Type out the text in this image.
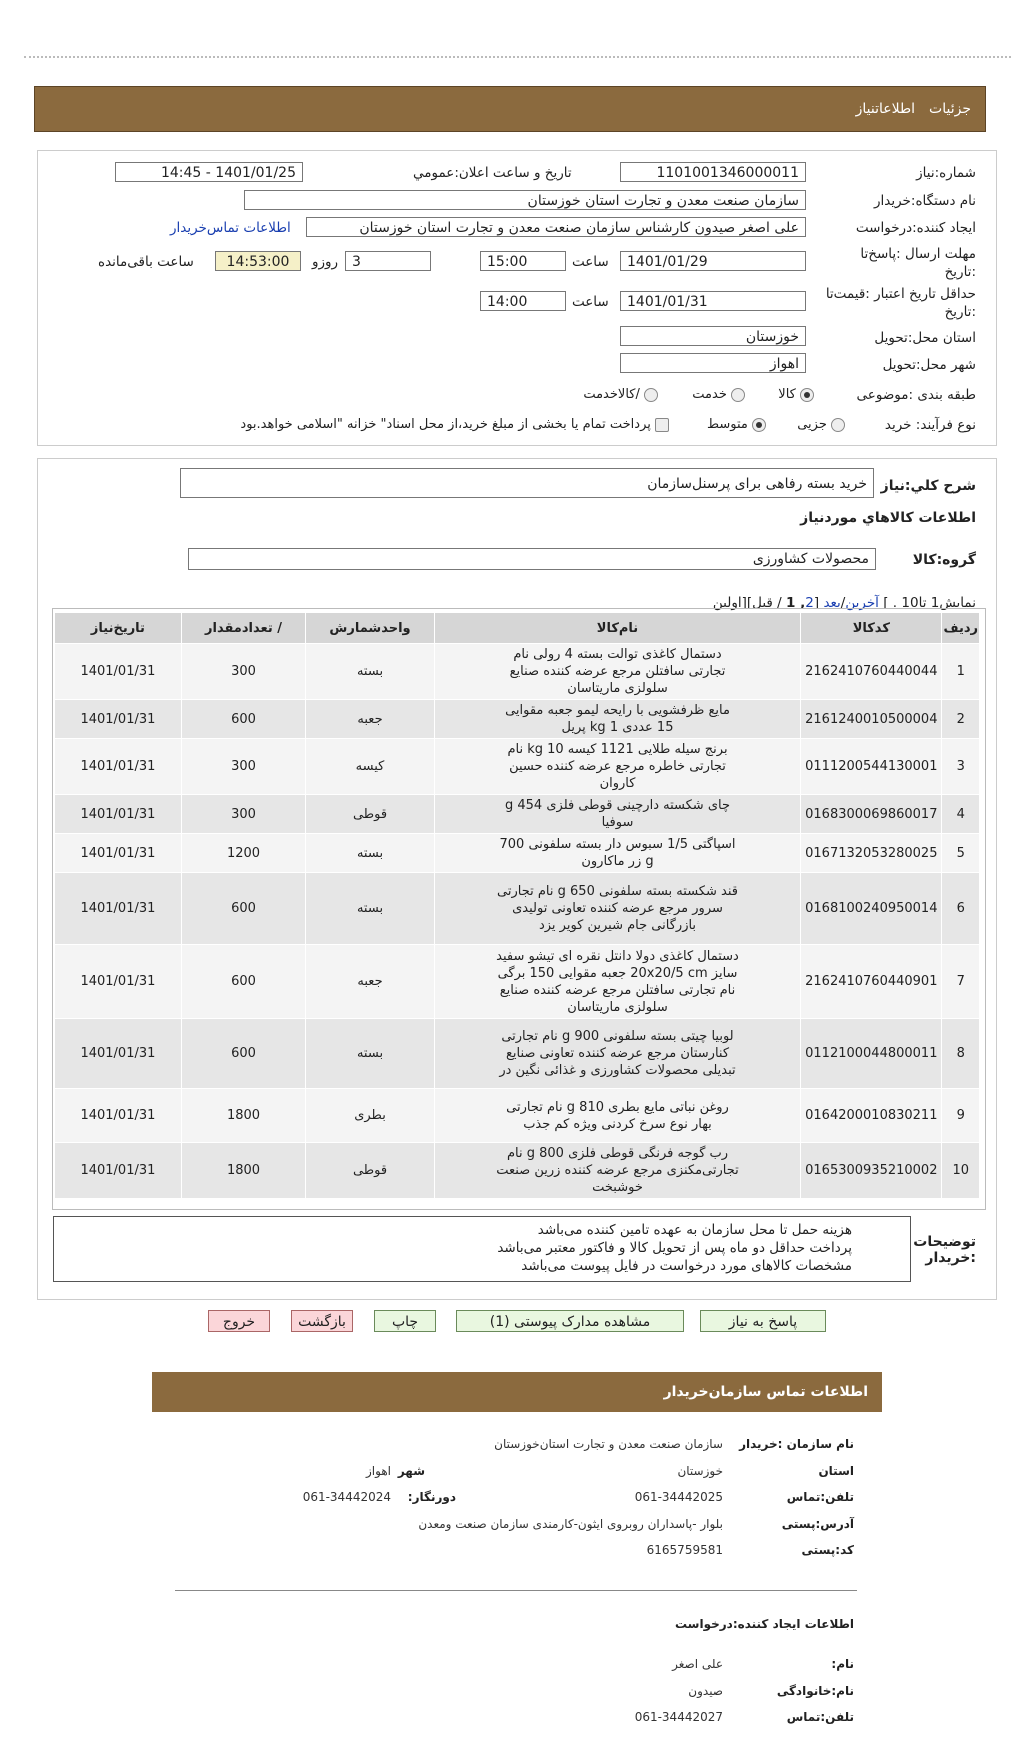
جزئیات
اطلاعاتنیاز
شماره:نیاز
1101001346000011
تاریخ و ساعت اعلان:عمومي
1401/01/25 - 14:45
نام دستگاه:خریدار
سازمان صنعت معدن و تجارت استان خوزستان
ایجاد کننده:درخواست
علی اصغر صیدون کارشناس سازمان صنعت معدن و تجارت استان خوزستان
اطلاعات تماس‌خریدار
مهلت ارسال :پاسخ‌تا
:تاریخ
1401/01/29
ساعت
15:00
3
روزو
14:53:00
ساعت باقی‌مانده
حداقل تاریخ اعتبار :قیمت‌تا
:تاریخ
1401/01/31
ساعت
14:00
استان محل:تحویل
خوزستان
شهر محل:تحویل
اهواز
طبقه بندی :موضوعی
کالا
خدمت
/کالاخدمت
نوع فرآیند: خرید
جزیی
متوسط
پرداخت تمام یا بخشی از مبلغ خرید،از محل اسناد" خزانه "اسلامی خواهد.بود
شرح کلي:نیاز
خرید بسته رفاهی برای پرسنل‌سازمان
اطلاعات کالاهاي موردنیاز
گروه:کالا
محصولات کشاورزی
نمایش1 تا10 . ] آخرین/بعد [2, 1 / قبل][اولین
ردیف	کدکالا	نام‌کالا	واحدشمارش	/ تعدادمقدار	تاریخ‌نیاز
1	2162410760440044	دستمال کاغذی توالت بسته 4 رولی نام تجارتی سافتلن مرجع عرضه کننده صنایع سلولزی ماریتاسان	بسته	300	1401/01/31
2	2161240010500004	مایع ظرفشویی با رایحه لیمو جعبه مقوایی 15 عددی 1 kg پریل	جعبه	600	1401/01/31
3	0111200544130001	برنج سیله طلایی 1121 کیسه 10 kg نام تجارتی خاطره مرجع عرضه کننده حسین کاروان	کیسه	300	1401/01/31
4	0168300069860017	چای شکسته دارچینی قوطی فلزی 454 g سوفیا	قوطی	300	1401/01/31
5	0167132053280025	اسپاگتی 1/5 سبوس دار بسته سلفونی 700 g زر ماکارون	بسته	1200	1401/01/31
6	0168100240950014	قند شکسته بسته سلفونی 650 g نام تجارتی سرور مرجع عرضه کننده تعاونی تولیدی بازرگانی جام شیرین کویر یزد	بسته	600	1401/01/31
7	2162410760440901	دستمال کاغذی دولا دانتل نقره ای تیشو سفید سایز 20x20/5 cm جعبه مقوایی 150 برگی نام تجارتی سافتلن مرجع عرضه کننده صنایع سلولزی ماریتاسان	جعبه	600	1401/01/31
8	0112100044800011	لوبیا چیتی بسته سلفونی 900 g نام تجارتی کنارستان مرجع عرضه کننده تعاونی صنایع تبدیلی محصولات کشاورزی و غذائی نگین در	بسته	600	1401/01/31
9	0164200010830211	روغن نباتی مایع بطری 810 g نام تجارتی بهار نوع سرخ کردنی ویژه کم جذب	بطری	1800	1401/01/31
10	0165300935210002	رب گوجه فرنگی قوطی فلزی 800 g نام تجارتی‌مکنزی مرجع عرضه کننده زرین صنعت خوشبخت	قوطی	1800	1401/01/31
توضیحات :خریدار
هزینه حمل تا محل سازمان به عهده تامین کننده می‌باشد
پرداخت حداقل دو ماه پس از تحویل کالا و فاکتور معتبر می‌باشد
مشخصات کالاهای مورد درخواست در فایل پیوست می‌باشد
پاسخ به نیاز
مشاهده مدارک پیوستی (1)
چاپ
بازگشت
خروج
اطلاعات تماس سازمان‌خریدار
نام سازمان :خریدار
سازمان صنعت معدن و تجارت استان‌خوزستان
استان
خوزستان
شهر
اهواز
تلفن:تماس
061-34442025
دورنگار:
061-34442024
آدرس:پستی
بلوار -پاسداران روبروی ایثون-کارمندی سازمان صنعت ومعدن
کد:پستی
6165759581
اطلاعات ایجاد کننده:درخواست
نام:
علی اصغر
نام:خانوادگی
صیدون
تلفن:تماس
061-34442027
